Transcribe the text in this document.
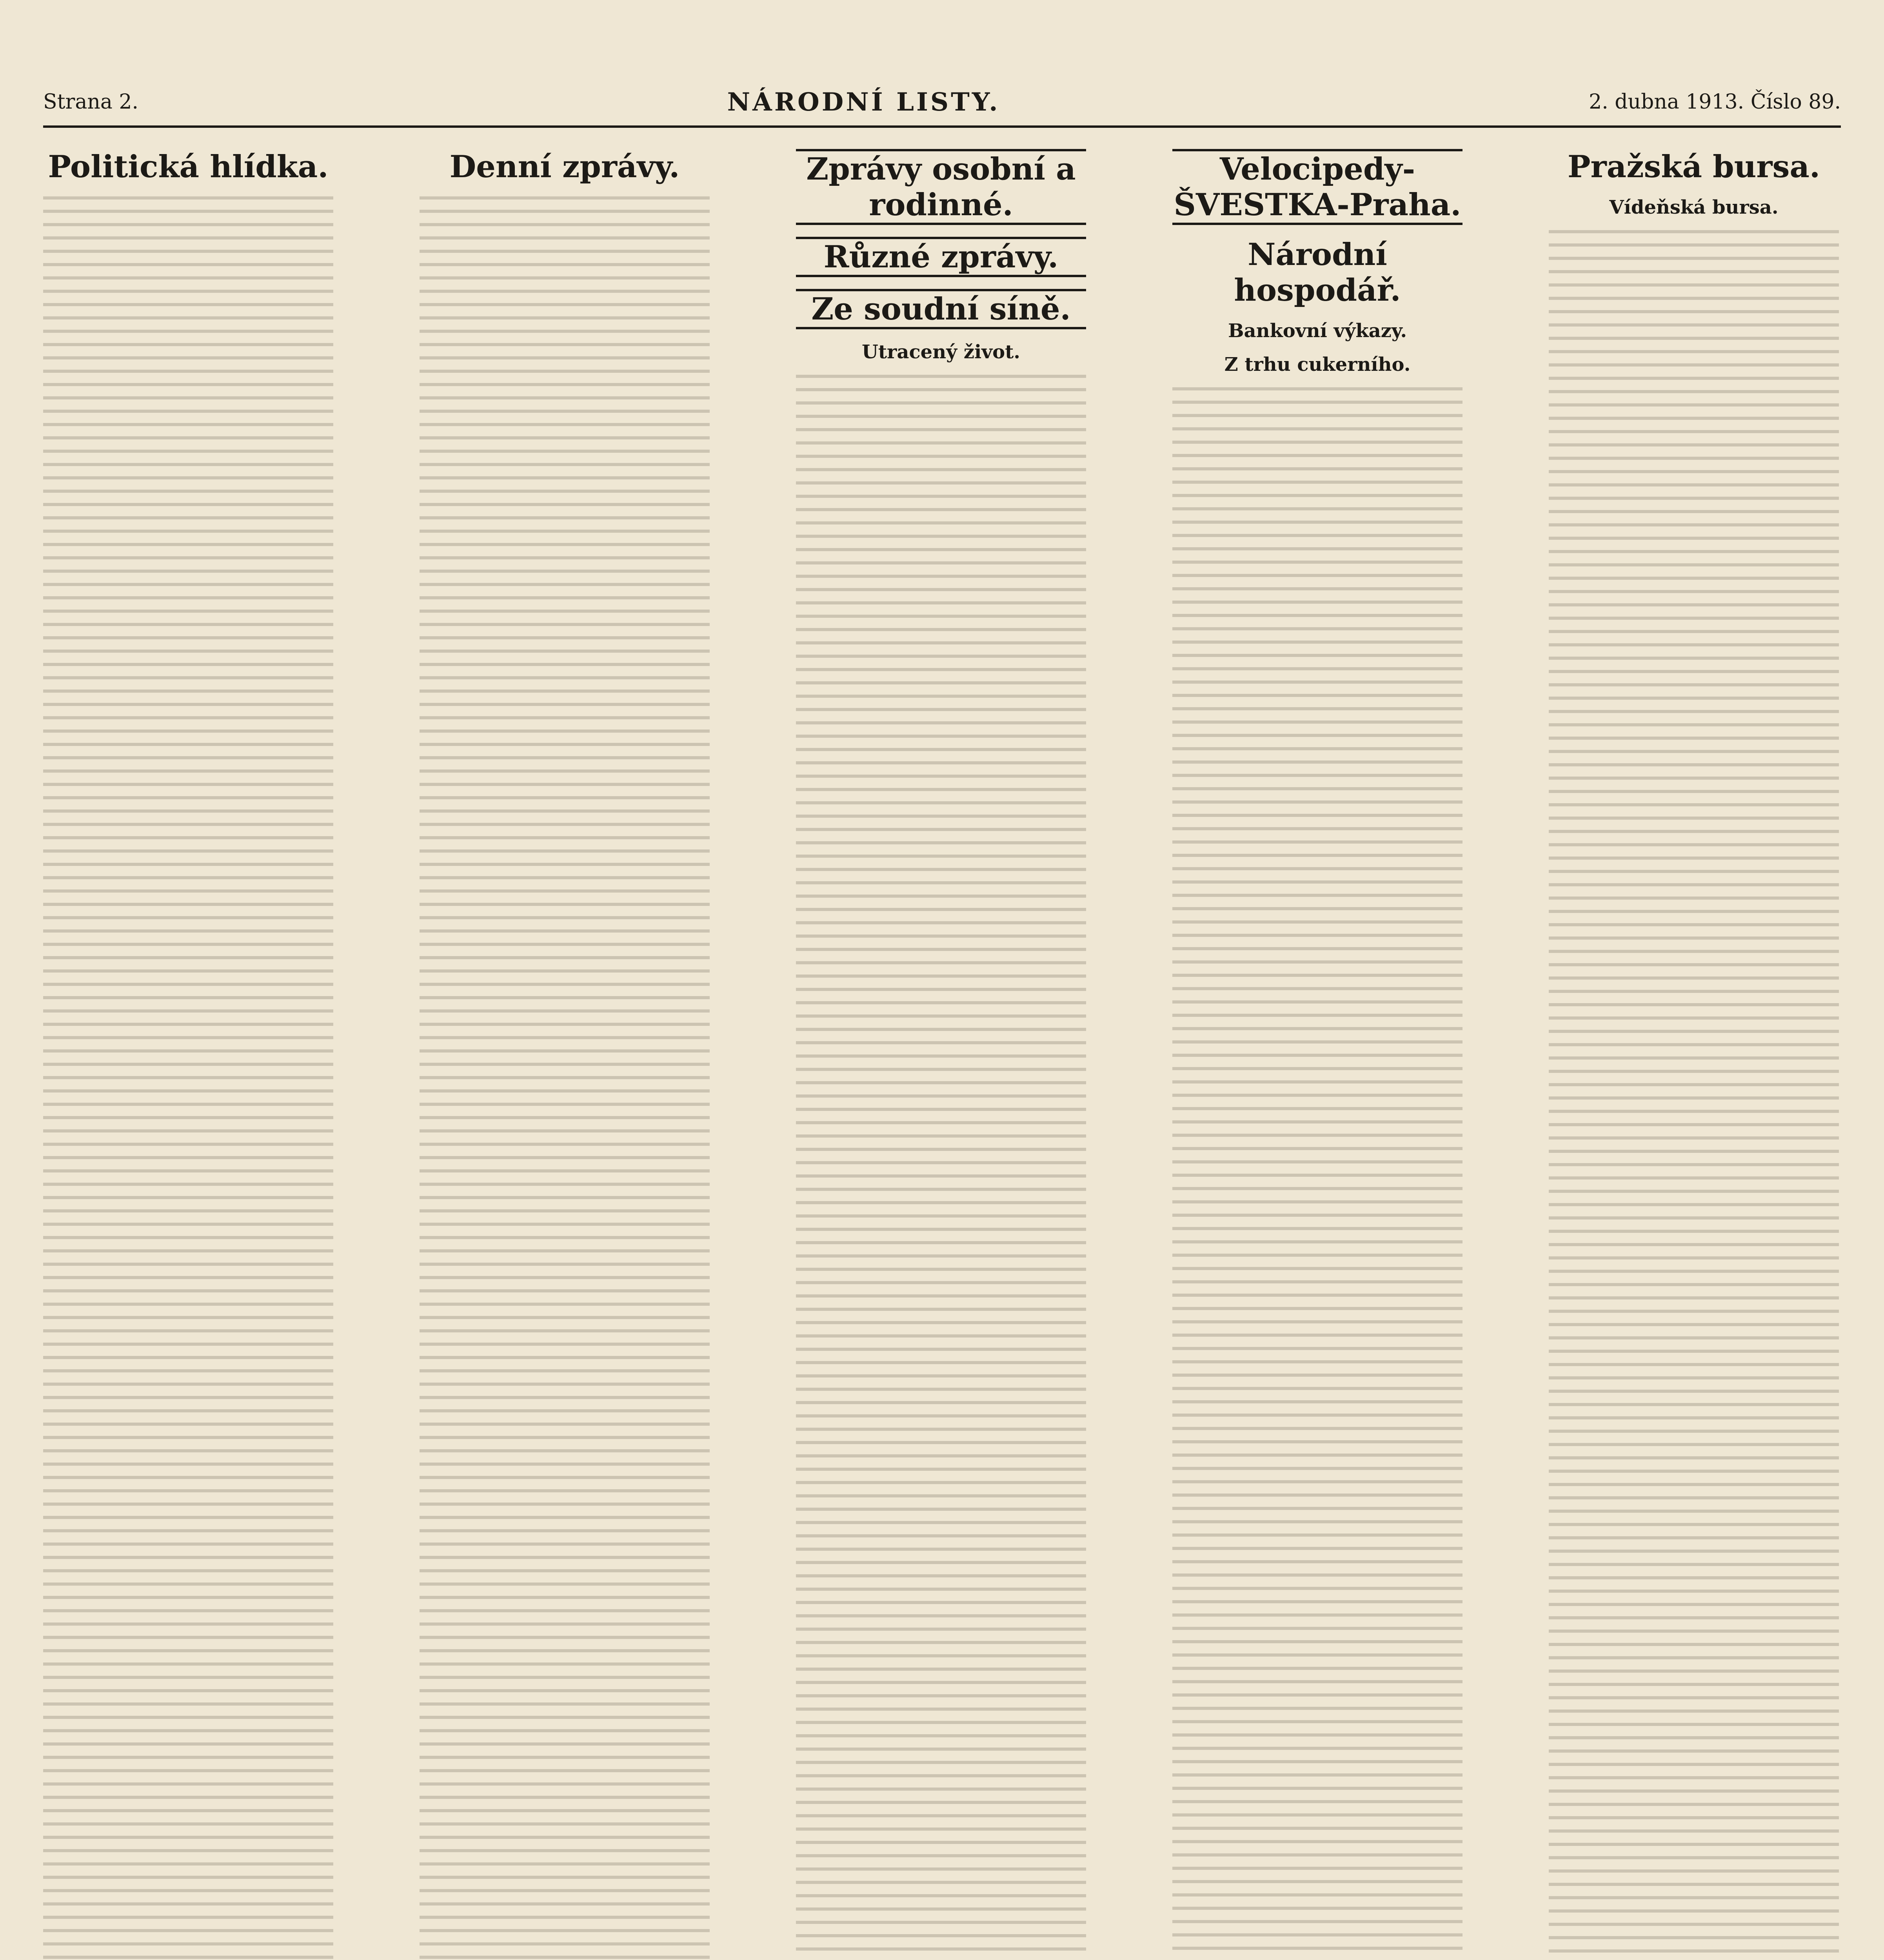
Strana 2.	NÁRODNÍ LISTY.	2. dubna 1913. Číslo 89.
Politická hlídka.	Denní zprávy.	Zprávy osobní a rodinné.
Různé zprávy.
Ze soudní síně.
Utracený život.
Velocipedy-ŠVESTKA-Praha.
Národní hospodář.
Bankovní výkazy.
Z trhu cukerního.
Pražská bursa.
Vídeňská bursa.
